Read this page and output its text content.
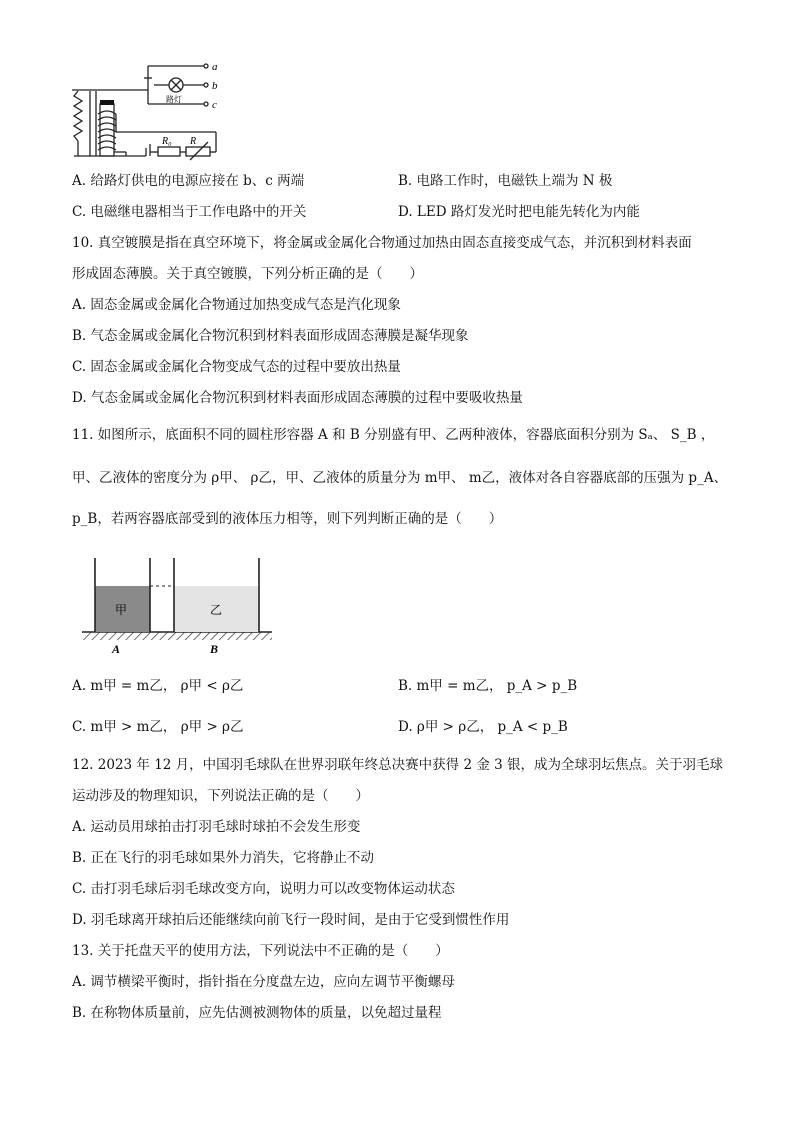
a
b
c
路灯
R₀ R
A. 给路灯供电的电源应接在 b、c 两端	B. 电路工作时，电磁铁上端为 N 极
C. 电磁继电器相当于工作电路中的开关	D. LED 路灯发光时把电能先转化为内能
10. 真空镀膜是指在真空环境下，将金属或金属化合物通过加热由固态直接变成气态，并沉积到材料表面
形成固态薄膜。关于真空镀膜，下列分析正确的是（　　）
A. 固态金属或金属化合物通过加热变成气态是汽化现象
B. 气态金属或金属化合物沉积到材料表面形成固态薄膜是凝华现象
C. 固态金属或金属化合物变成气态的过程中要放出热量
D. 气态金属或金属化合物沉积到材料表面形成固态薄膜的过程中要吸收热量
11. 如图所示，底面积不同的圆柱形容器 A 和 B 分别盛有甲、乙两种液体，容器底面积分别为 Sₐ、 S_B ，
甲、乙液体的密度分为 ρ甲、 ρ乙，甲、乙液体的质量分为 m甲、 m乙，液体对各自容器底部的压强为 p_A、
p_B，若两容器底部受到的液体压力相等，则下列判断正确的是（　　）
甲	乙
A	B
A. m甲 = m乙， ρ甲 < ρ乙	B. m甲 = m乙， p_A > p_B
C. m甲 > m乙， ρ甲 > ρ乙	D. ρ甲 > ρ乙， p_A < p_B
12. 2023 年 12 月，中国羽毛球队在世界羽联年终总决赛中获得 2 金 3 银，成为全球羽坛焦点。关于羽毛球
运动涉及的物理知识，下列说法正确的是（　　）
A. 运动员用球拍击打羽毛球时球拍不会发生形变
B. 正在飞行的羽毛球如果外力消失，它将静止不动
C. 击打羽毛球后羽毛球改变方向，说明力可以改变物体运动状态
D. 羽毛球离开球拍后还能继续向前飞行一段时间，是由于它受到惯性作用
13. 关于托盘天平的使用方法，下列说法中不正确的是（　　）
A. 调节横梁平衡时，指针指在分度盘左边，应向左调节平衡螺母
B. 在称物体质量前，应先估测被测物体的质量，以免超过量程
